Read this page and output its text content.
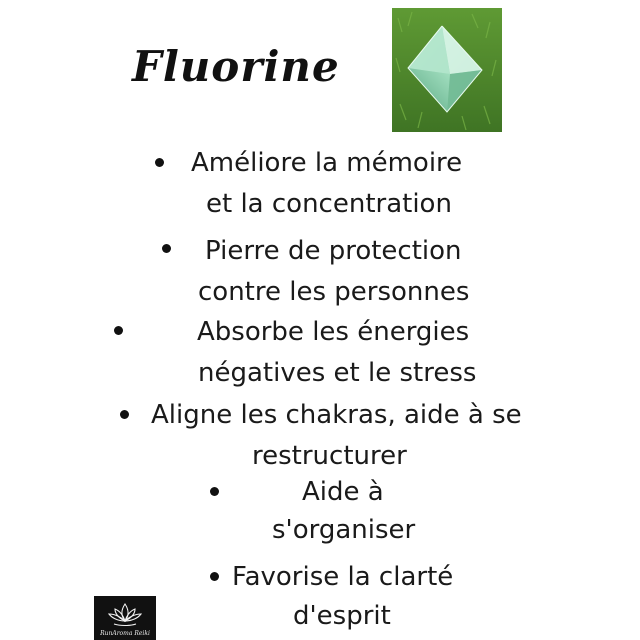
Fluorine
Améliore la mémoire
et la concentration
Pierre de protection
contre les personnes
Absorbe les énergies
négatives et le stress
Aligne les chakras, aide à se
restructurer
Aide à
s'organiser
Favorise la clarté
d'esprit
RunAroma Reiki
